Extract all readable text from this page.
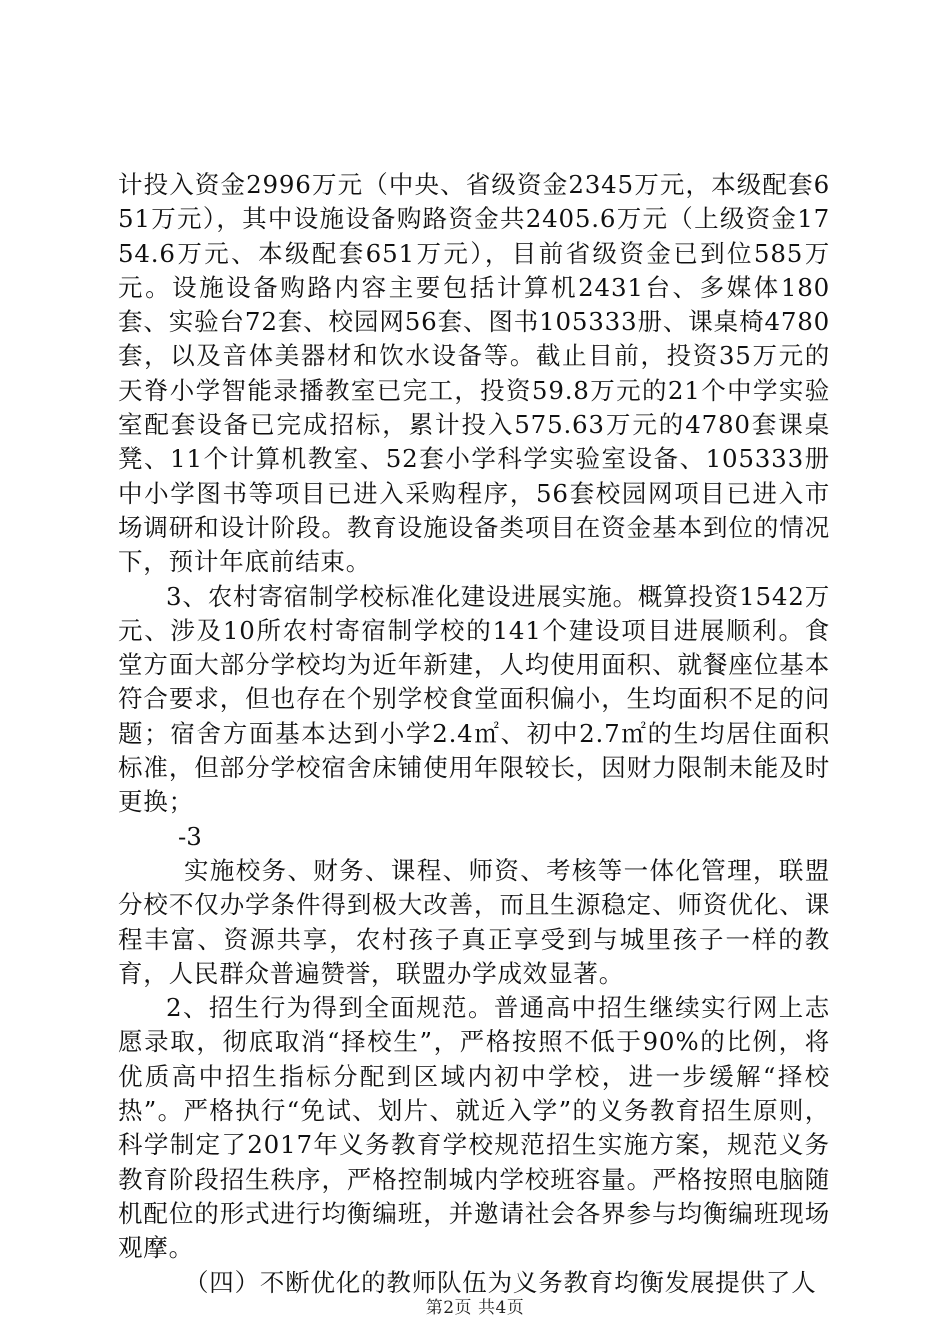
计投入资金2996万元（中央、省级资金2345万元，本级配套651万元），其中设施设备购路资金共2405.6万元（上级资金1754.6万元、本级配套651万元），目前省级资金已到位585万元。设施设备购路内容主要包括计算机2431台、多媒体180套、实验台72套、校园网56套、图书105333册、课桌椅4780套，以及音体美器材和饮水设备等。截止目前，投资35万元的天脊小学智能录播教室已完工，投资59.8万元的21个中学实验室配套设备已完成招标，累计投入575.63万元的4780套课桌凳、11个计算机教室、52套小学科学实验室设备、105333册中小学图书等项目已进入采购程序，56套校园网项目已进入市场调研和设计阶段。教育设施设备类项目在资金基本到位的情况下，预计年底前结束。

3、农村寄宿制学校标准化建设进展实施。概算投资1542万元、涉及10所农村寄宿制学校的141个建设项目进展顺利。食堂方面大部分学校均为近年新建，人均使用面积、就餐座位基本符合要求，但也存在个别学校食堂面积偏小，生均面积不足的问题；宿舍方面基本达到小学2.4㎡、初中2.7㎡的生均居住面积标准，但部分学校宿舍床铺使用年限较长，因财力限制未能及时更换；

-3

实施校务、财务、课程、师资、考核等一体化管理，联盟分校不仅办学条件得到极大改善，而且生源稳定、师资优化、课程丰富、资源共享，农村孩子真正享受到与城里孩子一样的教育，人民群众普遍赞誉，联盟办学成效显著。

2、招生行为得到全面规范。普通高中招生继续实行网上志愿录取，彻底取消“择校生”，严格按照不低于90%的比例，将优质高中招生指标分配到区域内初中学校，进一步缓解“择校热”。严格执行“免试、划片、就近入学”的义务教育招生原则，科学制定了2017年义务教育学校规范招生实施方案，规范义务教育阶段招生秩序，严格控制城内学校班容量。严格按照电脑随机配位的形式进行均衡编班，并邀请社会各界参与均衡编班现场观摩。

（四）不断优化的教师队伍为义务教育均衡发展提供了人

第2页 共4页
